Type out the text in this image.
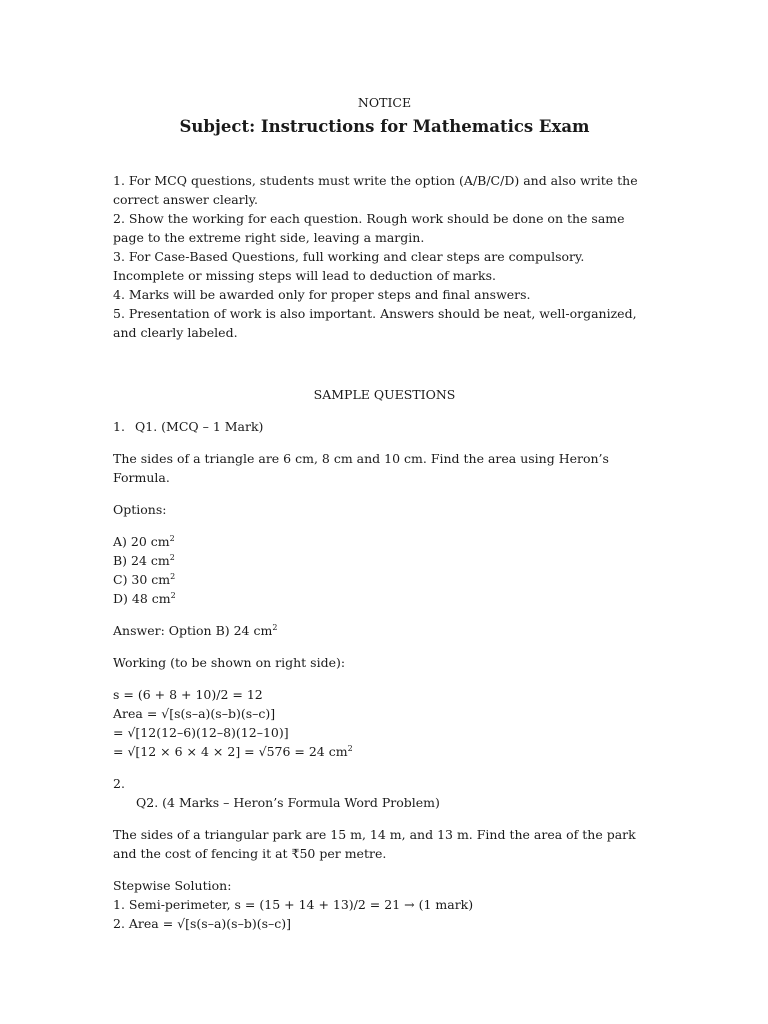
NOTICE
Subject: Instructions for Mathematics Exam
1. For MCQ questions, students must write the option (A/B/C/D) and also write the correct answer clearly.
2. Show the working for each question. Rough work should be done on the same page to the extreme right side, leaving a margin.
3. For Case-Based Questions, full working and clear steps are compulsory. Incomplete or missing steps will lead to deduction of marks.
4. Marks will be awarded only for proper steps and final answers.
5. Presentation of work is also important. Answers should be neat, well-organized, and clearly labeled.
SAMPLE QUESTIONS
1. Q1. (MCQ – 1 Mark)
The sides of a triangle are 6 cm, 8 cm and 10 cm. Find the area using Heron’s Formula.
Options:
A) 20 $cm^2$
B) 24 $cm^2$
C) 30 $cm^2$
D) 48 $cm^2$
Answer: Option B) 24 $cm^2$
Working (to be shown on right side):
s = (6 + 8 + 10)/2 = 12
Area = √[s(s–a)(s–b)(s–c)]
= √[12(12–6)(12–8)(12–10)]
= √[12 × 6 × 4 × 2] = √576 = 24 $cm^2$
2.
Q2. (4 Marks – Heron’s Formula Word Problem)
The sides of a triangular park are 15 m, 14 m, and 13 m. Find the area of the park and the cost of fencing it at ₹50 per metre.
Stepwise Solution:
1. Semi-perimeter, s = (15 + 14 + 13)/2 = 21 → (1 mark)
2. Area = √[s(s–a)(s–b)(s–c)]
